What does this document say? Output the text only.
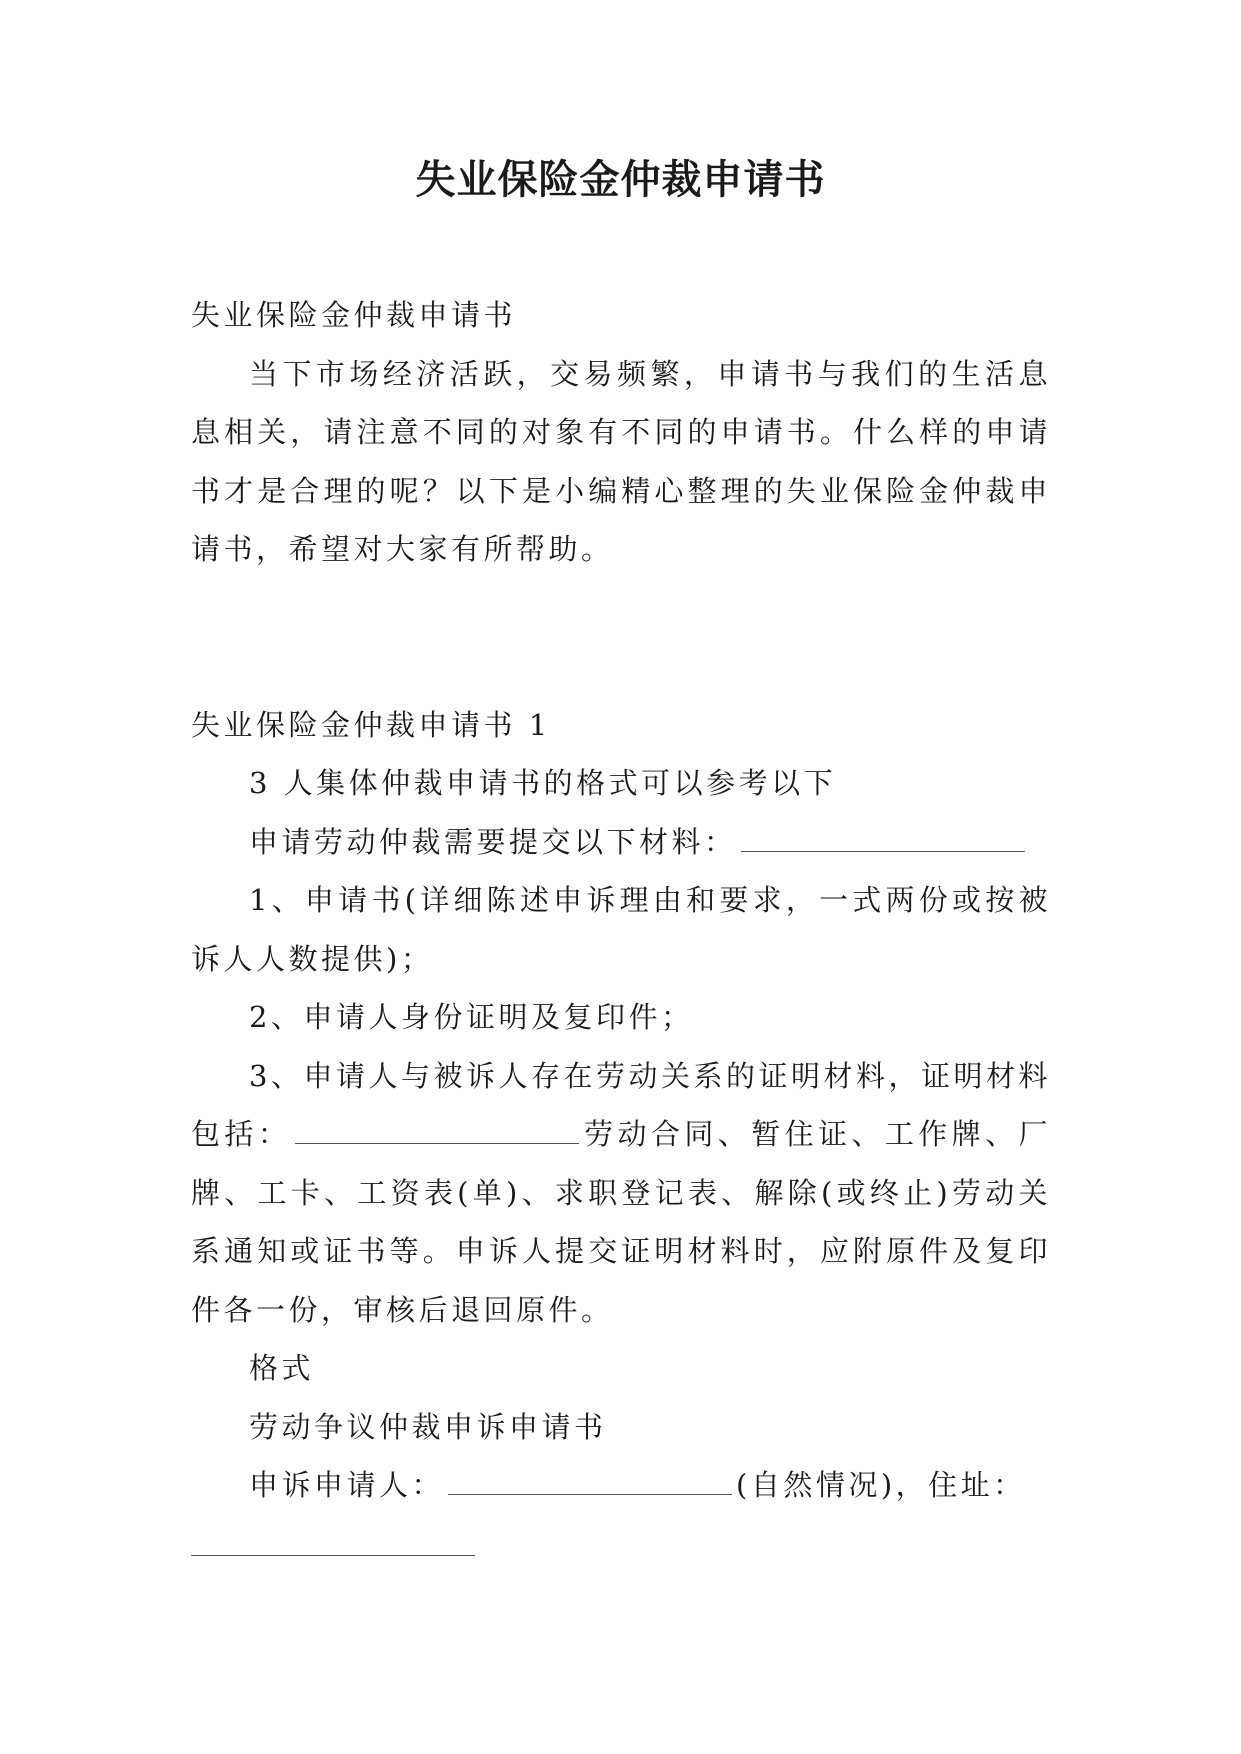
失业保险金仲裁申请书

失业保险金仲裁申请书

当下市场经济活跃，交易频繁，申请书与我们的生活息息相关，请注意不同的对象有不同的申请书。什么样的申请书才是合理的呢？以下是小编精心整理的失业保险金仲裁申请书，希望对大家有所帮助。

失业保险金仲裁申请书 1

3 人集体仲裁申请书的格式可以参考以下

申请劳动仲裁需要提交以下材料：

1、申请书(详细陈述申诉理由和要求，一式两份或按被诉人人数提供)；

2、申请人身份证明及复印件；

3、申请人与被诉人存在劳动关系的证明材料，证明材料包括：	劳动合同、暂住证、工作牌、厂牌、工卡、工资表(单)、求职登记表、解除(或终止)劳动关系通知或证书等。申诉人提交证明材料时，应附原件及复印件各一份，审核后退回原件。

格式

劳动争议仲裁申诉申请书

申诉申请人：	(自然情况)，住址：
